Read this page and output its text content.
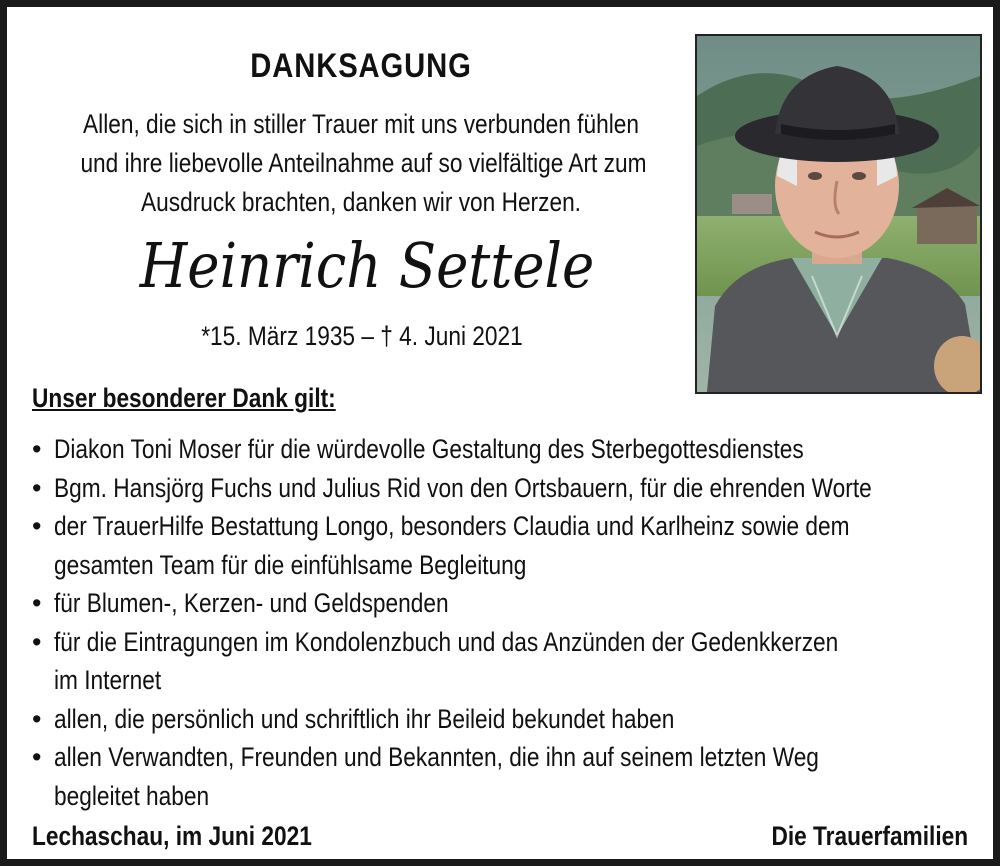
DANKSAGUNG

Allen, die sich in stiller Trauer mit uns verbunden fühlen

und ihre liebevolle Anteilnahme auf so vielfältige Art zum

Ausdruck brachten, danken wir von Herzen.

Heinrich Settele
*15. März 1935 – † 4. Juni 2021
Unser besonderer Dank gilt:
• Diakon Toni Moser für die würdevolle Gestaltung des Sterbegottesdienstes
• Bgm. Hansjörg Fuchs und Julius Rid von den Ortsbauern, für die ehrenden Worte
• der TrauerHilfe Bestattung Longo, besonders Claudia und Karlheinz sowie dem
gesamten Team für die einfühlsame Begleitung
• für Blumen-, Kerzen- und Geldspenden
• für die Eintragungen im Kondolenzbuch und das Anzünden der Gedenkkerzen
im Internet
• allen, die persönlich und schriftlich ihr Beileid bekundet haben
• allen Verwandten, Freunden und Bekannten, die ihn auf seinem letzten Weg
begleitet haben
Lechaschau, im Juni 2021	Die Trauerfamilien
